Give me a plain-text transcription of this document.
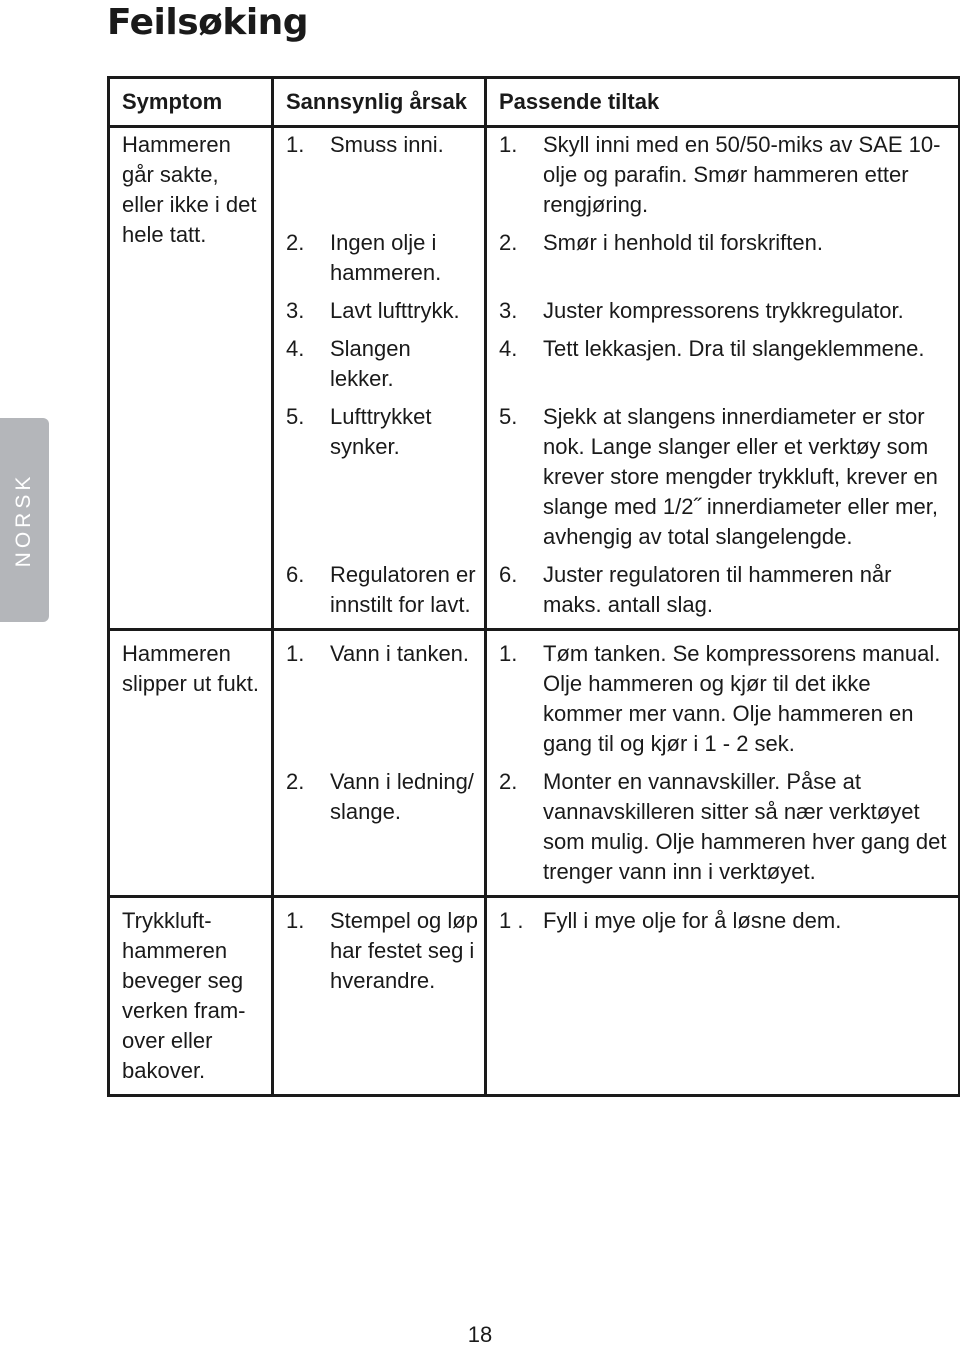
Feilsøking
NORSK
Symptom	Sannsynlig årsak	Passende tiltak
Hammeren går sakte, eller ikke i det hele tatt.	1. Smuss inni.	1. Skyll inni med en 50/50-miks av SAE 10-olje og parafin. Smør hammeren etter rengjøring.

	2. Ingen olje i hammeren.	2. Smør i henhold til forskriften.

	3. Lavt lufttrykk.	3. Juster kompressorens trykkregulator.

	4. Slangen lekker.	4. Tett lekkasjen. Dra til slangeklemmene.

	5. Lufttrykket synker.	5. Sjekk at slangens innerdiameter er stor nok. Lange slanger eller et verktøy som krever store mengder trykkluft, krever en slange med 1/2˝ innerdiameter eller mer, avhengig av total slangelengde.

	6. Regulatoren er innstilt for lavt.	6. Juster regulatoren til hammeren når maks. antall slag.

Hammeren slipper ut fukt.	1. Vann i tanken.	1. Tøm tanken. Se kompressorens manual. Olje hammeren og kjør til det ikke kommer mer vann. Olje hammeren en gang til og kjør i 1 - 2 sek.

	2. Vann i ledning/ slange.	2. Monter en vannavskiller. Påse at vannavskilleren sitter så nær verktøyet som mulig. Olje hammeren hver gang det trenger vann inn i verktøyet.

Trykkluft-hammeren beveger seg verken fram-over eller bakover.	1. Stempel og løp har festet seg i hverandre.	1 . Fyll i mye olje for å løsne dem.
18
